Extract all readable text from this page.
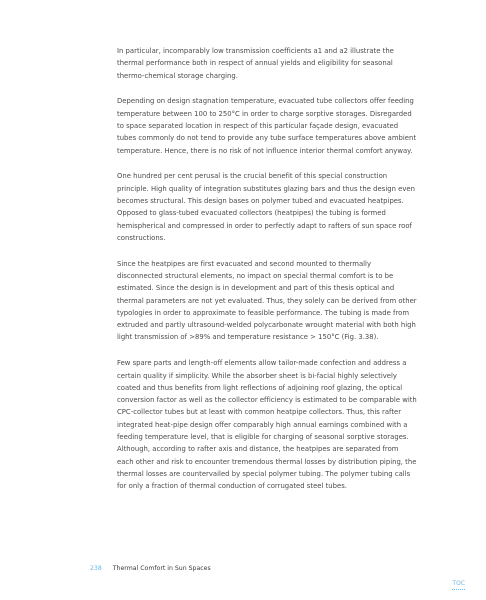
In particular, incomparably low transmission coefficients a1 and a2 illustrate the thermal performance both in respect of annual yields and eligibility for seasonal thermo-chemical storage charging.

Depending on design stagnation temperature, evacuated tube collectors offer feeding temperature between 100 to 250°C in order to charge sorptive storages. Disregarded to space separated location in respect of this particular façade design, evacuated tubes commonly do not tend to provide any tube surface temperatures above ambient temperature. Hence, there is no risk of not influence interior thermal comfort anyway.

One hundred per cent perusal is the crucial benefit of this special construction principle. High quality of integration substitutes glazing bars and thus the design even becomes structural. This design bases on polymer tubed and evacuated heatpipes. Opposed to glass-tubed evacuated collectors (heatpipes) the tubing is formed hemispherical and compressed in order to perfectly adapt to rafters of sun space roof constructions.

Since the heatpipes are first evacuated and second mounted to thermally disconnected structural elements, no impact on special thermal comfort is to be estimated. Since the design is in development and part of this thesis optical and thermal parameters are not yet evaluated. Thus, they solely can be derived from other typologies in order to approximate to feasible performance. The tubing is made from extruded and partly ultrasound-welded polycarbonate wrought material with both high light transmission of >89% and temperature resistance > 150°C (Fig. 3.38).

Few spare parts and length-off elements allow tailor-made confection and address a certain quality if simplicity. While the absorber sheet is bi-facial highly selectively coated and thus benefits from light reflections of adjoining roof glazing, the optical conversion factor as well as the collector efficiency is estimated to be comparable with CPC-collector tubes but at least with common heatpipe collectors. Thus, this rafter integrated heat-pipe design offer comparably high annual earnings combined with a feeding temperature level, that is eligible for charging of seasonal sorptive storages. Although, according to rafter axis and distance, the heatpipes are separated from each other and risk to encounter tremendous thermal losses by distribution piping, the thermal losses are countervailed by special polymer tubing. The polymer tubing calls for only a fraction of thermal conduction of corrugated steel tubes.

238 Thermal Comfort in Sun Spaces
TOC
